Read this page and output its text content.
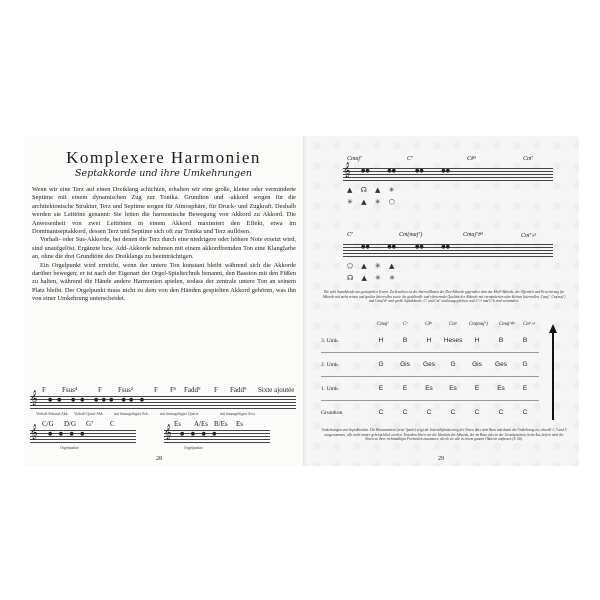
Komplexere Harmonien
Septakkorde und ihre Umkehrungen

Wenn wir eine Terz auf einen Dreiklang schichten, erhalten wir eine große, kleine oder verminderte Septime mit einem dynamischen Zug zur Tonika. Grundton und -akkord sorgen für die architektonische Struktur, Terz und Septime sorgen für Atmosphäre, für Druck- und Zugkraft. Deshalb werden sie Leittöne genannt: Sie leiten die harmonische Bewegung von Akkord zu Akkord. Die Anwesenheit von zwei Leittönen in einem Akkord maximiert den Effekt, etwa im Dominantseptakkord, dessen Terz und Septime sich oft zur Tonika und Terz auflösen.

Vorhalt- oder Sus-Akkorde, bei denen die Terz durch eine niedrigere oder höhere Note ersetzt wird, sind unaufgelöst. Ergänzte bzw. Add-Akkorde nehmen mit einem akkordfremden Ton eine Klangfarbe an, ohne die drei Grundtöne des Dreiklangs zu beeinträchtigen.

Ein Orgelpunkt wird erreicht, wenn der untere Ton konstant bleibt während sich die Akkorde darüber bewegen; er ist nach der Eigenart der Orgel-Spieltechnik benannt, den Basston mit den Füßen zu halten, während die Hände andere Harmonien spielen, sodass der zentrale untere Ton an seinem Platz bleibt. Der Orgelpunkt muss nicht zu dem von den Händen gespielten Akkord gehören, was ihn von einer Umkehrung unterscheidet.

F Fsus⁴	F Fsus²	F F⁶ Fadd⁹ F Fadd⁹ Sixte ajoutée
𝄞 ●   ●      ●   ●      ●  ●  ●     ●  ●    ●
Vorhalt-Sekund-Akk. Vorhalt-Quart-Akk.	mit hinzugefügter Sek.	mit hinzugefügter Quarte	mit hinzugefügter Sext
C/G D/G G⁷ C	Es A/Es B/Es Es
𝄞 ●    ●    ●    ●	𝄞 ●    ●    ●    ●
Orgelpunkte	Orgelpunkte
28
Cmaj⁷	C⁷	C#⁵	Cm⁷
𝄞 ●●           ●●            ●●           ●●
▲ ☊ ▲ ✳
✳ ▲ ✳ ⬡
C⁷	Cm(maj⁷)	Cmaj⁷#⁵	Cm⁷♭⁵
●●           ●●            ●●           ●●
⬠ ▲ ✳ ▲
☊ ▲ ✳ ✳
Die acht Septakkorde aus gestapelten Terzen. Zu beachten ist der Intervallbaum der Dur-Akkorde gegenüber dem der Moll-Akkorde, die Offenheit und Erweiterung für Akkorde mit mehr reinen und großen Intervallen sowie die gestiltvolle und vibrierende Qualität der Akkorde mit verminderten oder kleinen Intervallen. Cmaj⁷, Cm(maj⁷) und Cmaj⁷#⁵ sind große Septakkorde, C⁷ und Cm⁷ sind ausgeglichen, und C⁷♭⁵ und C⁷b sind vermindert.
Cmaj⁷	C⁷	C#⁵	Cm⁷ Cm(maj⁷) Cmaj⁷#⁵ Cm⁷♭⁵
3. Umk.	H	B	H	Heses	H	B	B
2. Umk.	G	Gis	Ges	G	Gis	Ges	G
1. Umk.	E	E	Es	Es	E	Es	E
Grundton	C	C	C	C	C	C	C
Umkehrungen von Septakkorden. Die Basisnotation (erste Spalte) zeigt die Intervallplatzierung der Noten über dem Bass und damit die Umkehrung an, obwohl 1, 3 und 5 ausgenommen, alle nicht immer gebräuchlich werden. Trotzdem hören wir die Identität des Akkords, der im Bass oder in der Grundposition, beim Aus liefern wird die Noten zu ihrer rechtmäßigen Formation zusammen, als ob sie alle in einem ganzen Oktaven umfassen (S. 56).
29
